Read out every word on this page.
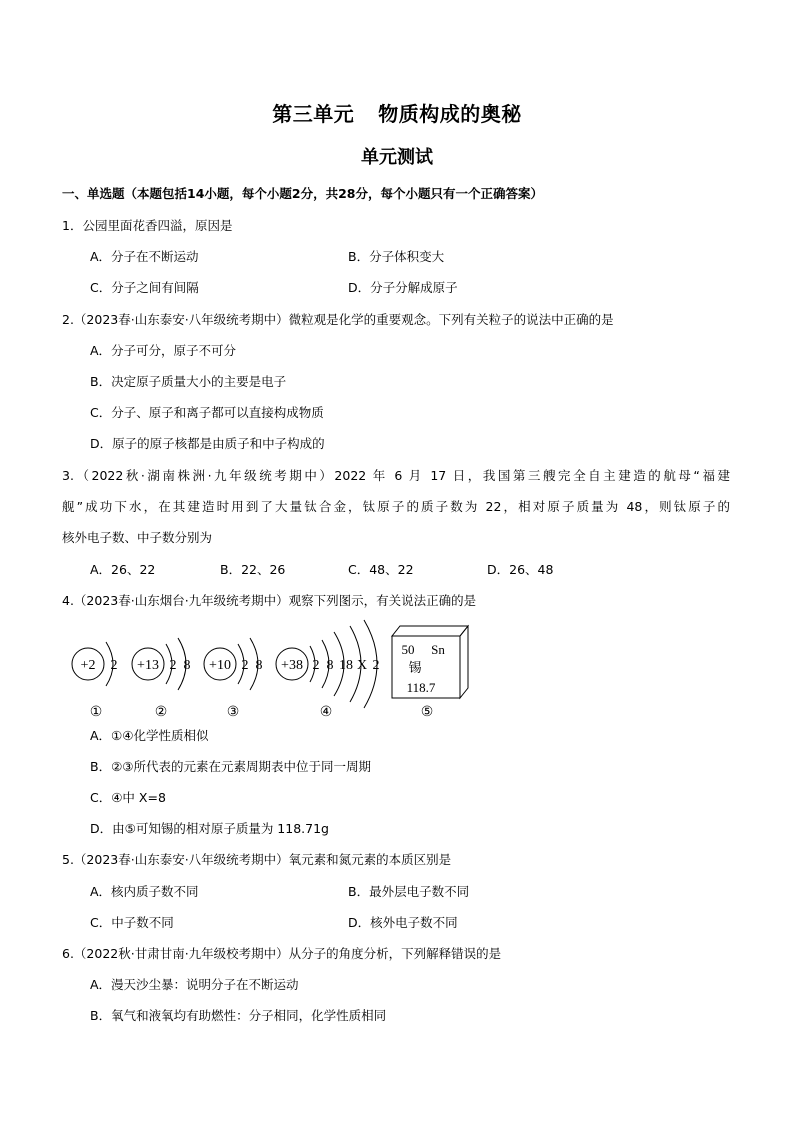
第三单元 物质构成的奥秘
单元测试
一、单选题（本题包括14小题，每个小题2分，共28分，每个小题只有一个正确答案）
1．公园里面花香四溢，原因是
A．分子在不断运动	B．分子体积变大
C．分子之间有间隔	D．分子分解成原子
2.（2023春·山东泰安·八年级统考期中）微粒观是化学的重要观念。下列有关粒子的说法中正确的是
A．分子可分，原子不可分
B．决定原子质量大小的主要是电子
C．分子、原子和离子都可以直接构成物质
D．原子的原子核都是由质子和中子构成的
3.（2022秋·湖南株洲·九年级统考期中）2022 年 6 月 17 日，我国第三艘完全自主建造的航母“福建
舰”成功下水，在其建造时用到了大量钛合金，钛原子的质子数为 22，相对原子质量为 48，则钛原子的
核外电子数、中子数分别为
A．26、22	B．22、26	C．48、22	D．26、48
4.（2023春·山东烟台·九年级统考期中）观察下列图示，有关说法正确的是
+2 2
①
+13 2 8
②
+10 2 8
③
+38 2 8 18 X 2
④
50 Sn
锡
118.7
⑤
A．①④化学性质相似
B．②③所代表的元素在元素周期表中位于同一周期
C．④中 X=8
D．由⑤可知锡的相对原子质量为 118.71g
5.（2023春·山东泰安·八年级统考期中）氧元素和氮元素的本质区别是
A．核内质子数不同	B．最外层电子数不同
C．中子数不同	D．核外电子数不同
6.（2022秋·甘肃甘南·九年级校考期中）从分子的角度分析，下列解释错误的是
A．漫天沙尘暴：说明分子在不断运动
B．氧气和液氧均有助燃性：分子相同，化学性质相同
